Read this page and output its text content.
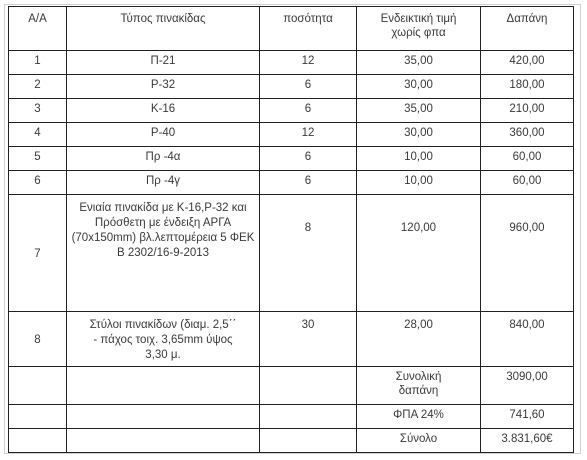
Α/Α	Τύπος πινακίδας	ποσότητα	Ενδεικτική τιμή χωρίς φπα	Δαπάνη
1	Π-21	12	35,00	420,00
2	Ρ-32	6	30,00	180,00
3	Κ-16	6	35,00	210,00
4	Ρ-40	12	30,00	360,00
5	Πρ -4α	6	10,00	60,00
6	Πρ -4γ	6	10,00	60,00
7	Ενιαία πινακίδα με Κ-16,Ρ-32 και Πρόσθετη με ένδειξη ΑΡΓΑ (70x150mm) βλ.λεπτομέρεια 5 ΦΕΚ Β 2302/16-9-2013	8	120,00	960,00
8	Στύλοι πινακίδων (διαμ. 2,5΄΄ - πάχος τοιχ. 3,65mm ύψος 3,30 μ.	30	28,00	840,00
			Συνολική δαπάνη	3090,00
			ΦΠΑ 24%	741,60
			Σύνολο	3.831,60€
